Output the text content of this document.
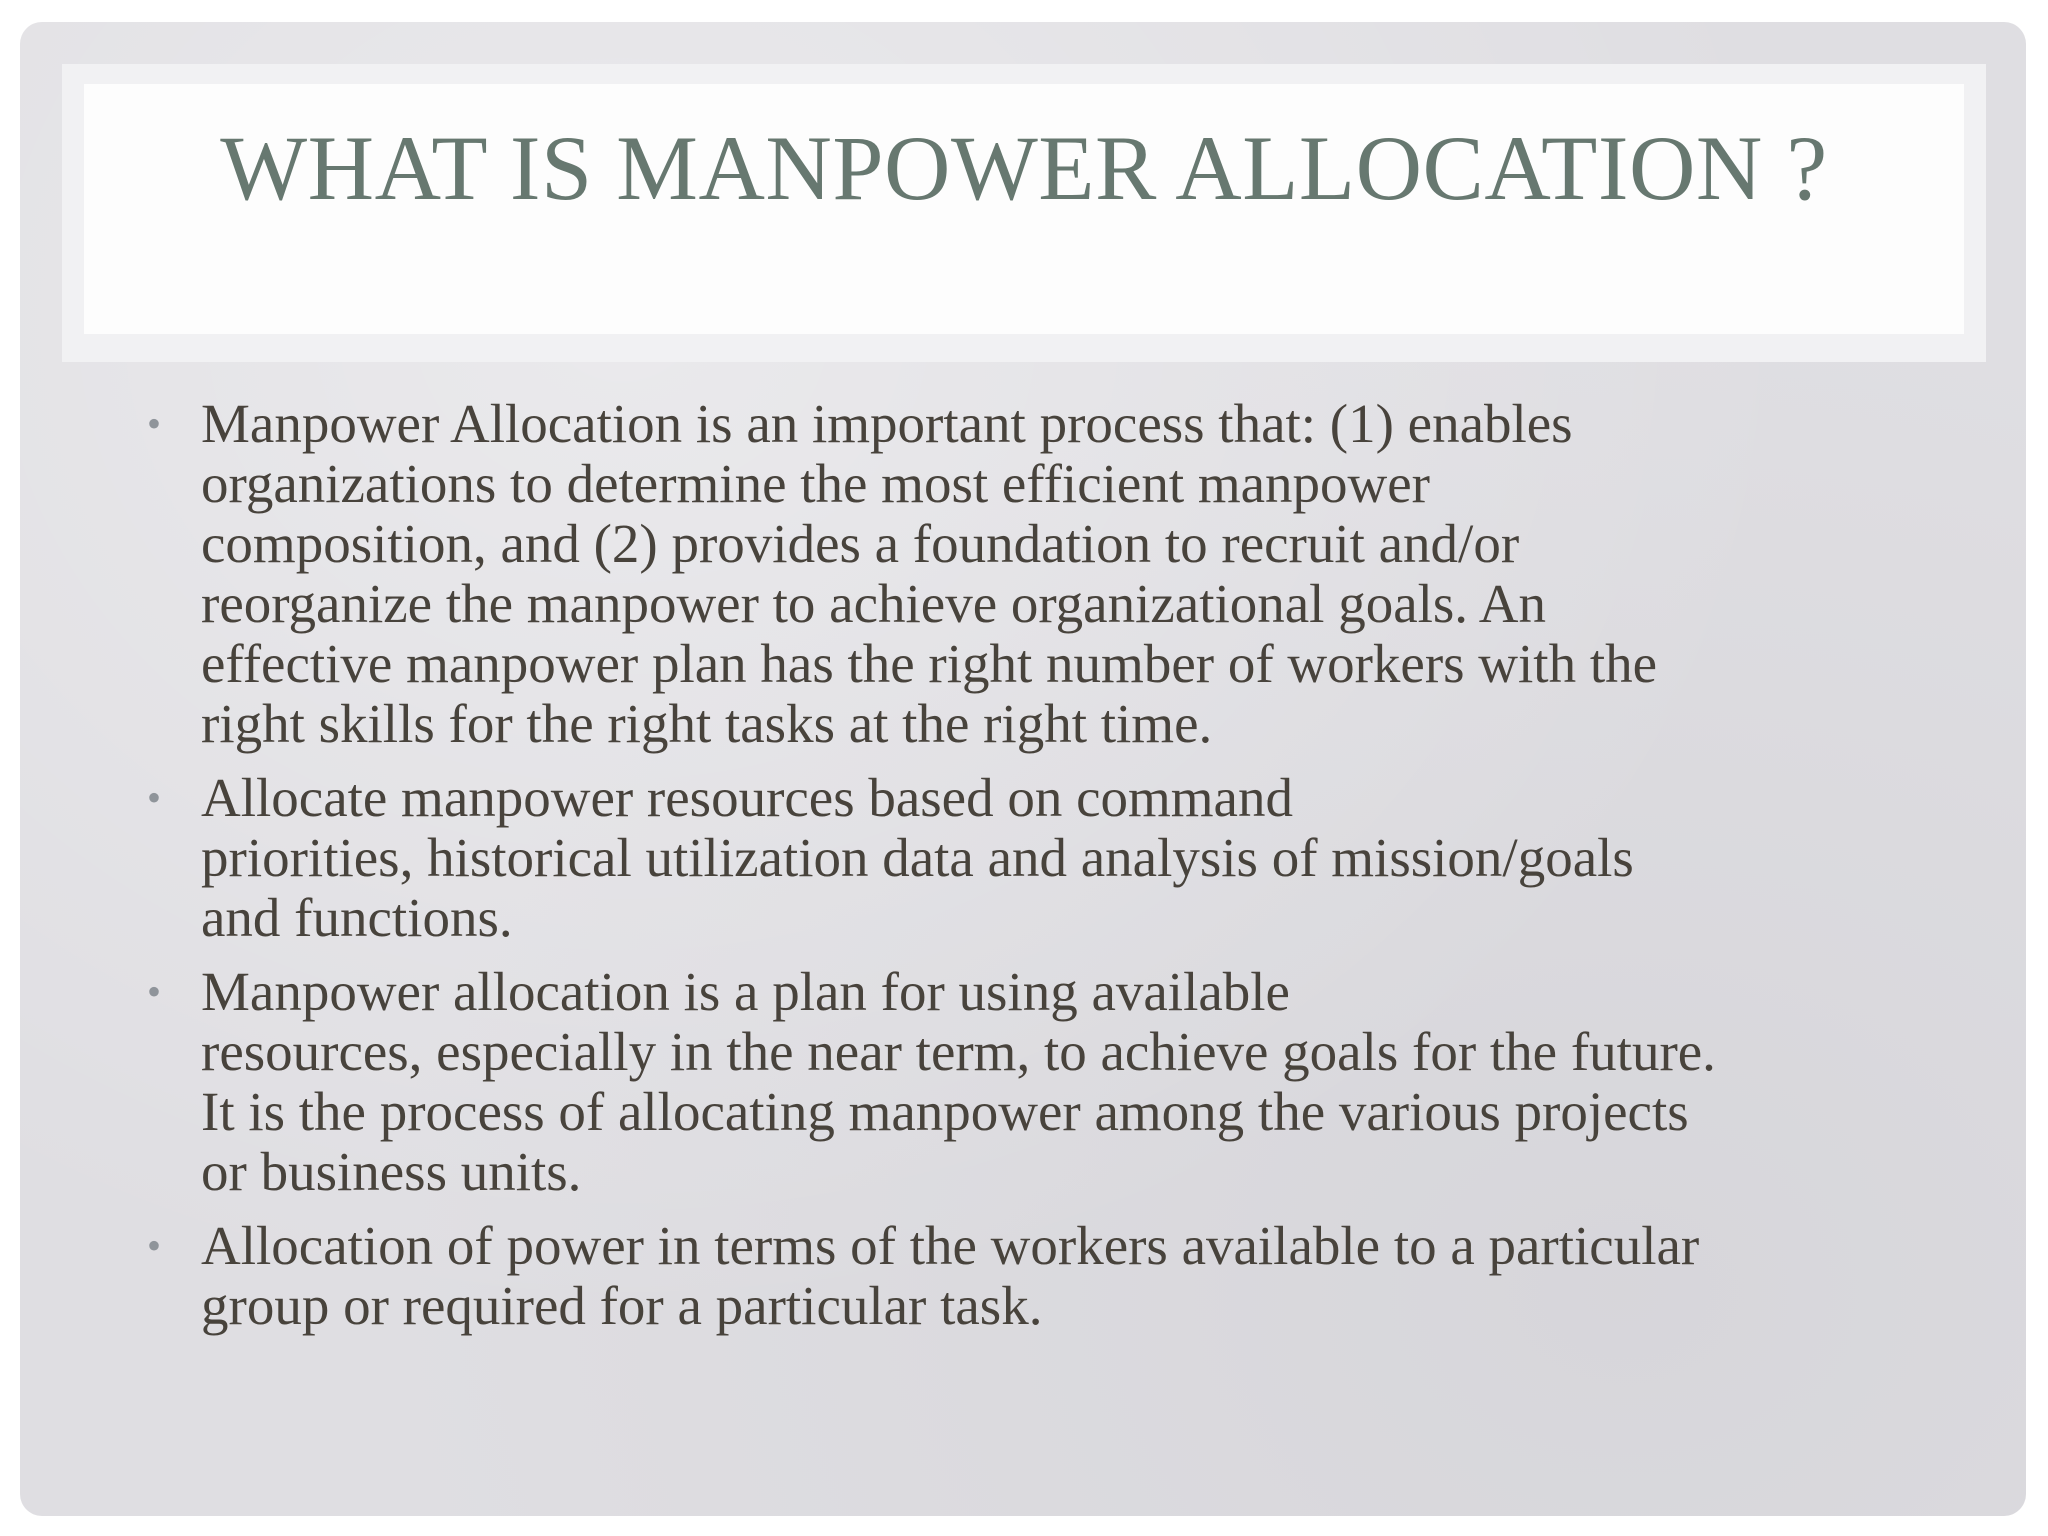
WHAT IS MANPOWER ALLOCATION ?
• Manpower Allocation is an important process that: (1) enables
organizations to determine the most efficient manpower
composition, and (2) provides a foundation to recruit and/or
reorganize the manpower to achieve organizational goals. An
effective manpower plan has the right number of workers with the
right skills for the right tasks at the right time.
• Allocate manpower resources based on command
priorities, historical utilization data and analysis of mission/goals
and functions.
• Manpower allocation is a plan for using available
resources, especially in the near term, to achieve goals for the future.
It is the process of allocating manpower among the various projects
or business units.
• Allocation of power in terms of the workers available to a particular
group or required for a particular task.
